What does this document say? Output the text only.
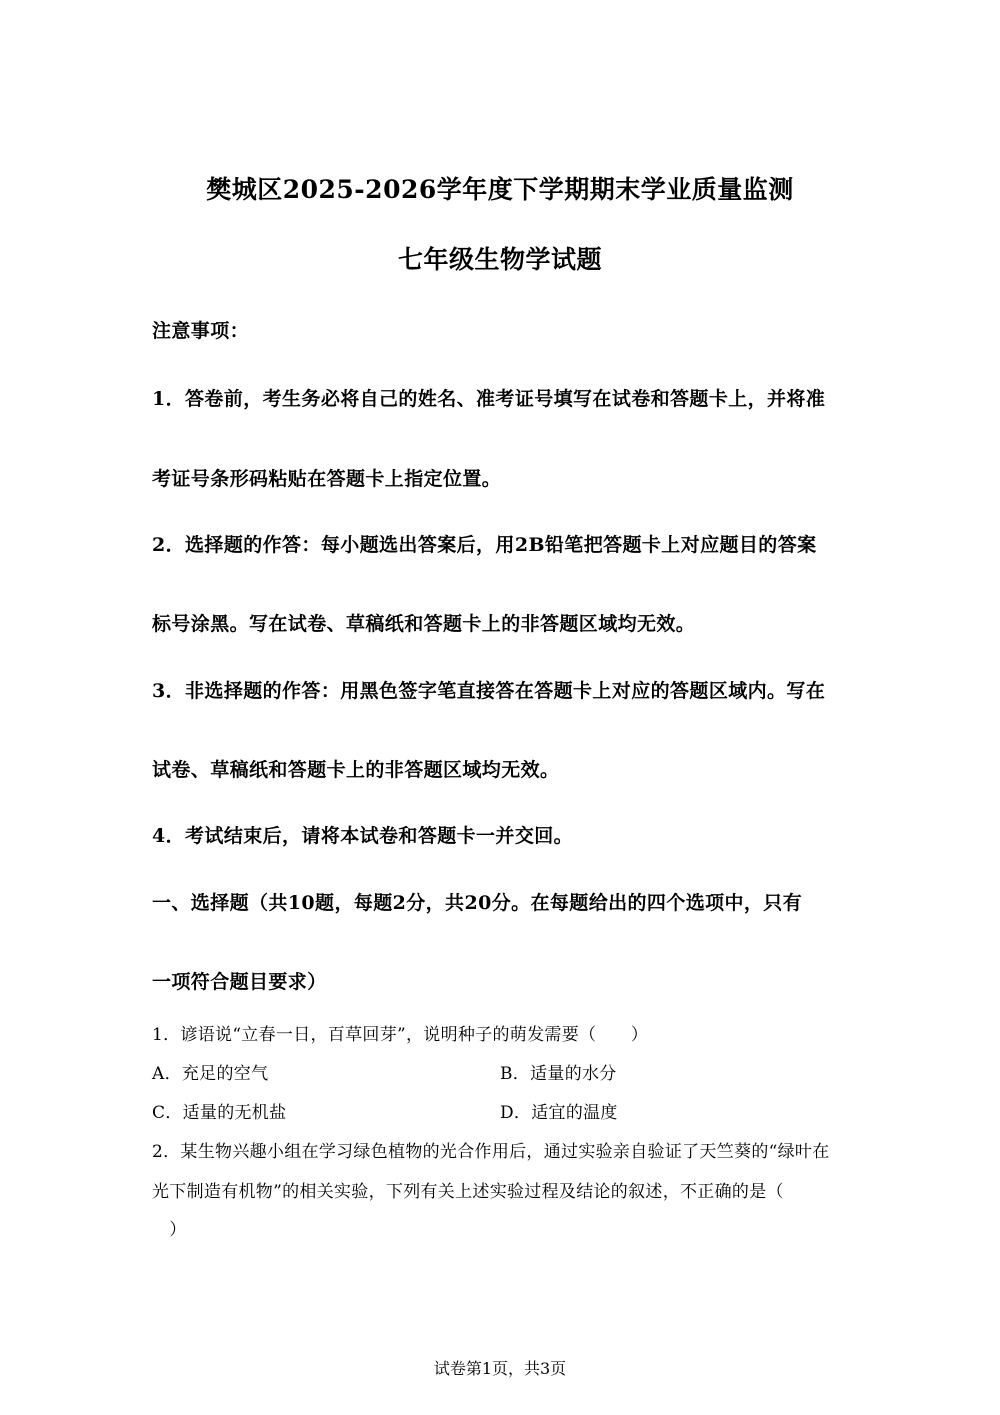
樊城区2025-2026学年度下学期期末学业质量监测
七年级生物学试题
注意事项：
1．答卷前，考生务必将自己的姓名、准考证号填写在试卷和答题卡上，并将准
考证号条形码粘贴在答题卡上指定位置。
2．选择题的作答：每小题选出答案后，用2B铅笔把答题卡上对应题目的答案
标号涂黑。写在试卷、草稿纸和答题卡上的非答题区域均无效。
3．非选择题的作答：用黑色签字笔直接答在答题卡上对应的答题区域内。写在
试卷、草稿纸和答题卡上的非答题区域均无效。
4．考试结束后，请将本试卷和答题卡一并交回。
一、选择题（共10题，每题2分，共20分。在每题给出的四个选项中，只有
一项符合题目要求）
1．谚语说“立春一日，百草回芽”，说明种子的萌发需要（　　）
A．充足的空气	B．适量的水分
C．适量的无机盐	D．适宜的温度
2．某生物兴趣小组在学习绿色植物的光合作用后，通过实验亲自验证了天竺葵的“绿叶在
光下制造有机物”的相关实验，下列有关上述实验过程及结论的叙述，不正确的是（
　）
试卷第1页，共3页
